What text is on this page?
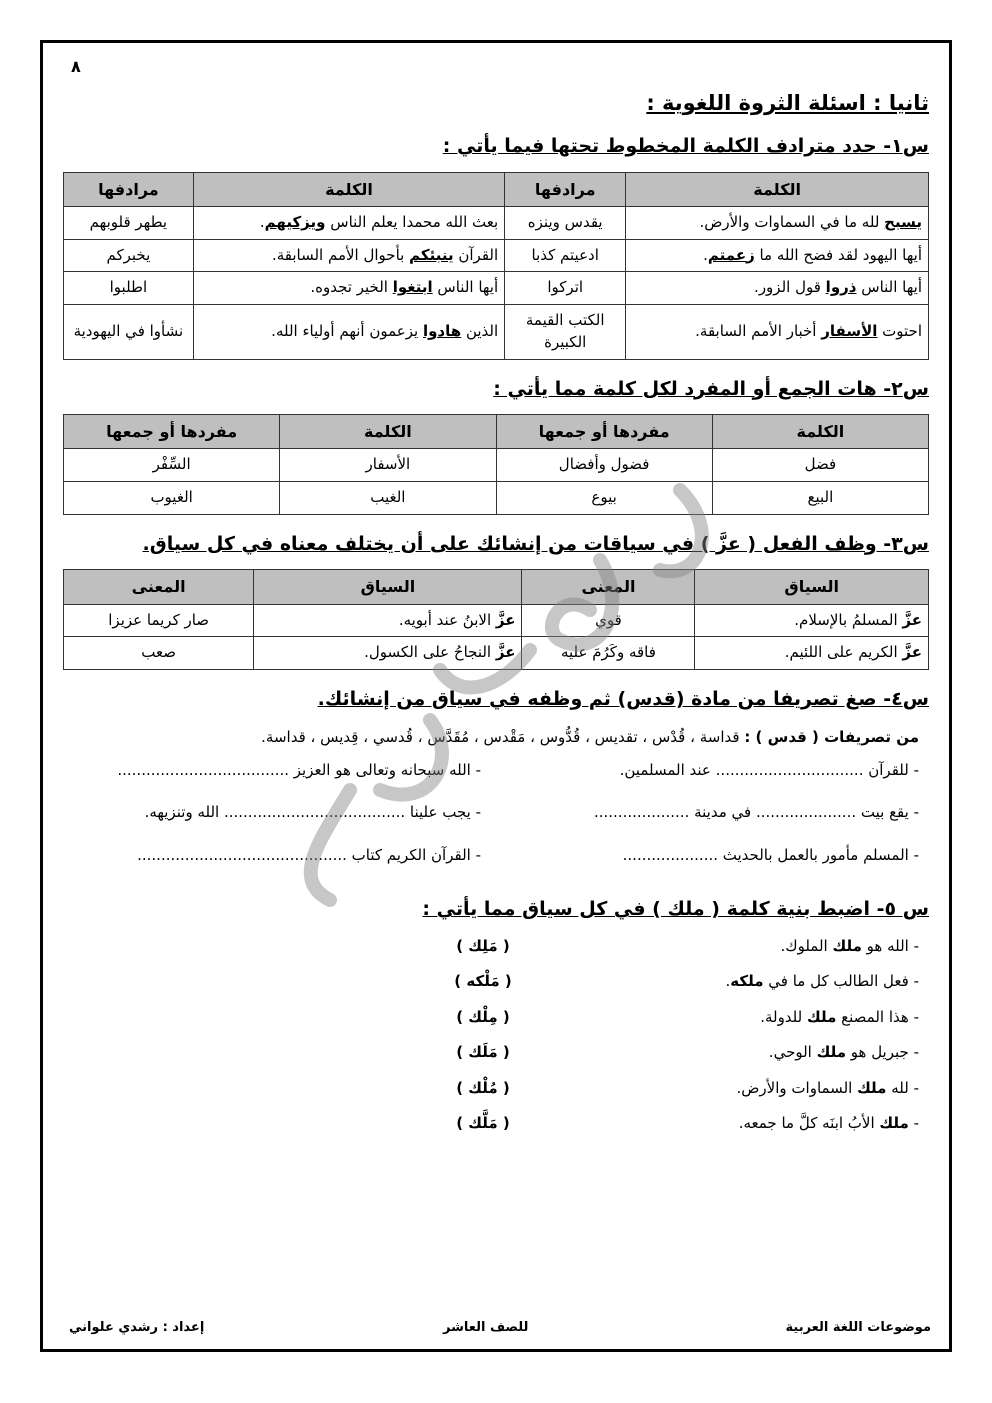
٨
ثانيا : اسئلة الثروة اللغوية :
س١- حدد مترادف الكلمة المخطوط تحتها فيما يأتي :
الكلمة	مرادفها	الكلمة	مرادفها
يسبح لله ما في السماوات والأرض.	يقدس وينزه	بعث الله محمدا يعلم الناس ويزكيهم.	يطهر قلوبهم
أيها اليهود لقد فضح الله ما زعمتم.	ادعيتم كذبا	القرآن ينبئكم بأحوال الأمم السابقة.	يخبركم
أيها الناس ذروا قول الزور.	اتركوا	أيها الناس ابتغوا الخير تجدوه.	اطلبوا
احتوت الأسفار أخبار الأمم السابقة.	الكتب القيمة الكبيرة	الذين هادوا يزعمون أنهم أولياء الله.	نشأوا في اليهودية
س٢- هات الجمع أو المفرد لكل كلمة مما يأتي :
الكلمة	مفردها أو جمعها	الكلمة	مفردها أو جمعها
فضل	فضول وأفضال	الأسفار	السِّفْر
البيع	بيوع	الغيب	الغيوب
س٣- وظف الفعل ( عزَّ ) في سياقات من إنشائك على أن يختلف معناه في كل سياق.
السياق	المعنى	السياق	المعنى
عزَّ المسلمُ بالإسلام.	قوي	عزَّ الابنُ عند أبويه.	صار كريما عزيزا
عزَّ الكريم على اللئيم.	فاقه وكَرُمَ عليه	عزَّ النجاحُ على الكسول.	صعب
س٤- صغ تصريفا من مادة (قدس) ثم وظفه في سياق من إنشائك.
من تصريفات ( قدس ) : قداسة ، قُدْس ، تقديس ، قُدُّوس ، مَقْدس ، مُقَدَّس ، قُدسي ، قِديس ، قداسة.
- للقرآن ............................... عند المسلمين.
- الله سبحانه وتعالى هو العزيز ....................................
- يقع بيت ..................... في مدينة ....................
- يجب علينا ...................................... الله وتنزيهه.
- المسلم مأمور بالعمل بالحديث ....................
- القرآن الكريم كتاب ............................................
س ٥- اضبط بنية كلمة ( ملك ) في كل سياق مما يأتي :
- الله هو ملك الملوك.
( مَلِك )
- فعل الطالب كل ما في ملكه.
( مَلْكه )
- هذا المصنع ملك للدولة.
( مِلْك )
- جبريل هو ملك الوحي.
( مَلَك )
- لله ملك السماوات والأرض.
( مُلْك )
- ملك الأبُ ابنَه كلَّ ما جمعه.
( مَلَّك )
موضوعات اللغة العربية
للصف العاشر
إعداد : رشدي علواني
